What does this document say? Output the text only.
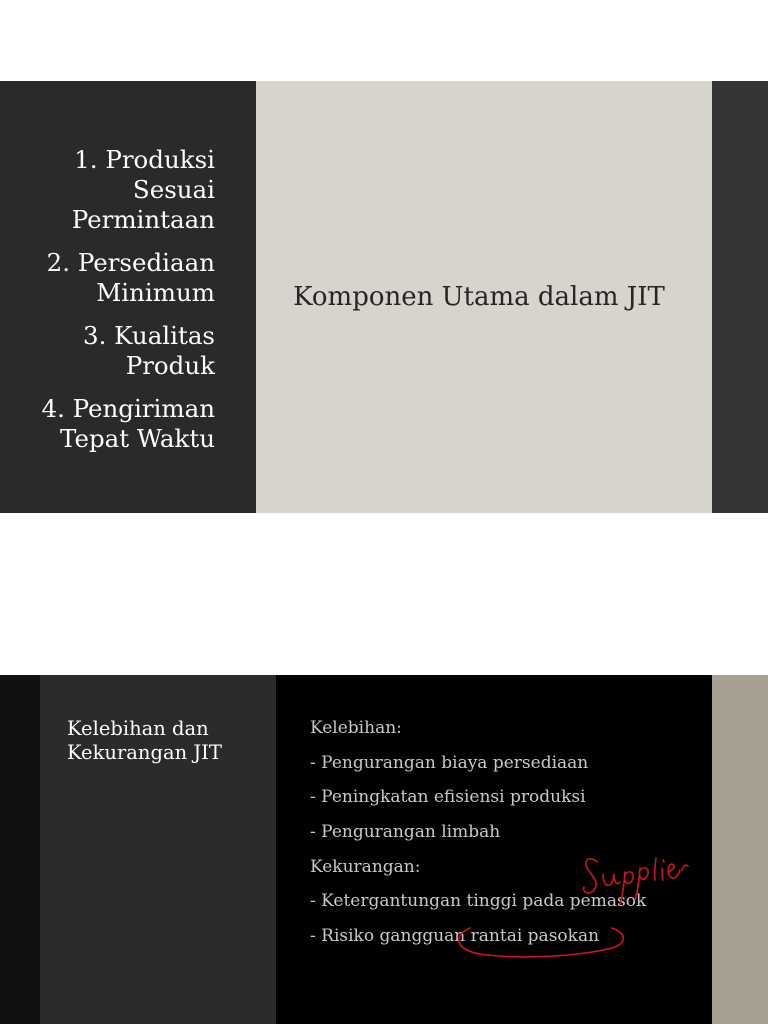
1. Produksi Sesuai Permintaan
2. Persediaan Minimum
3. Kualitas Produk
4. Pengiriman Tepat Waktu
Komponen Utama dalam JIT
Kelebihan dan Kekurangan JIT
Kelebihan:
- Pengurangan biaya persediaan
- Peningkatan efisiensi produksi
- Pengurangan limbah
Kekurangan:
- Ketergantungan tinggi pada pemasok
- Risiko gangguan rantai pasokan
